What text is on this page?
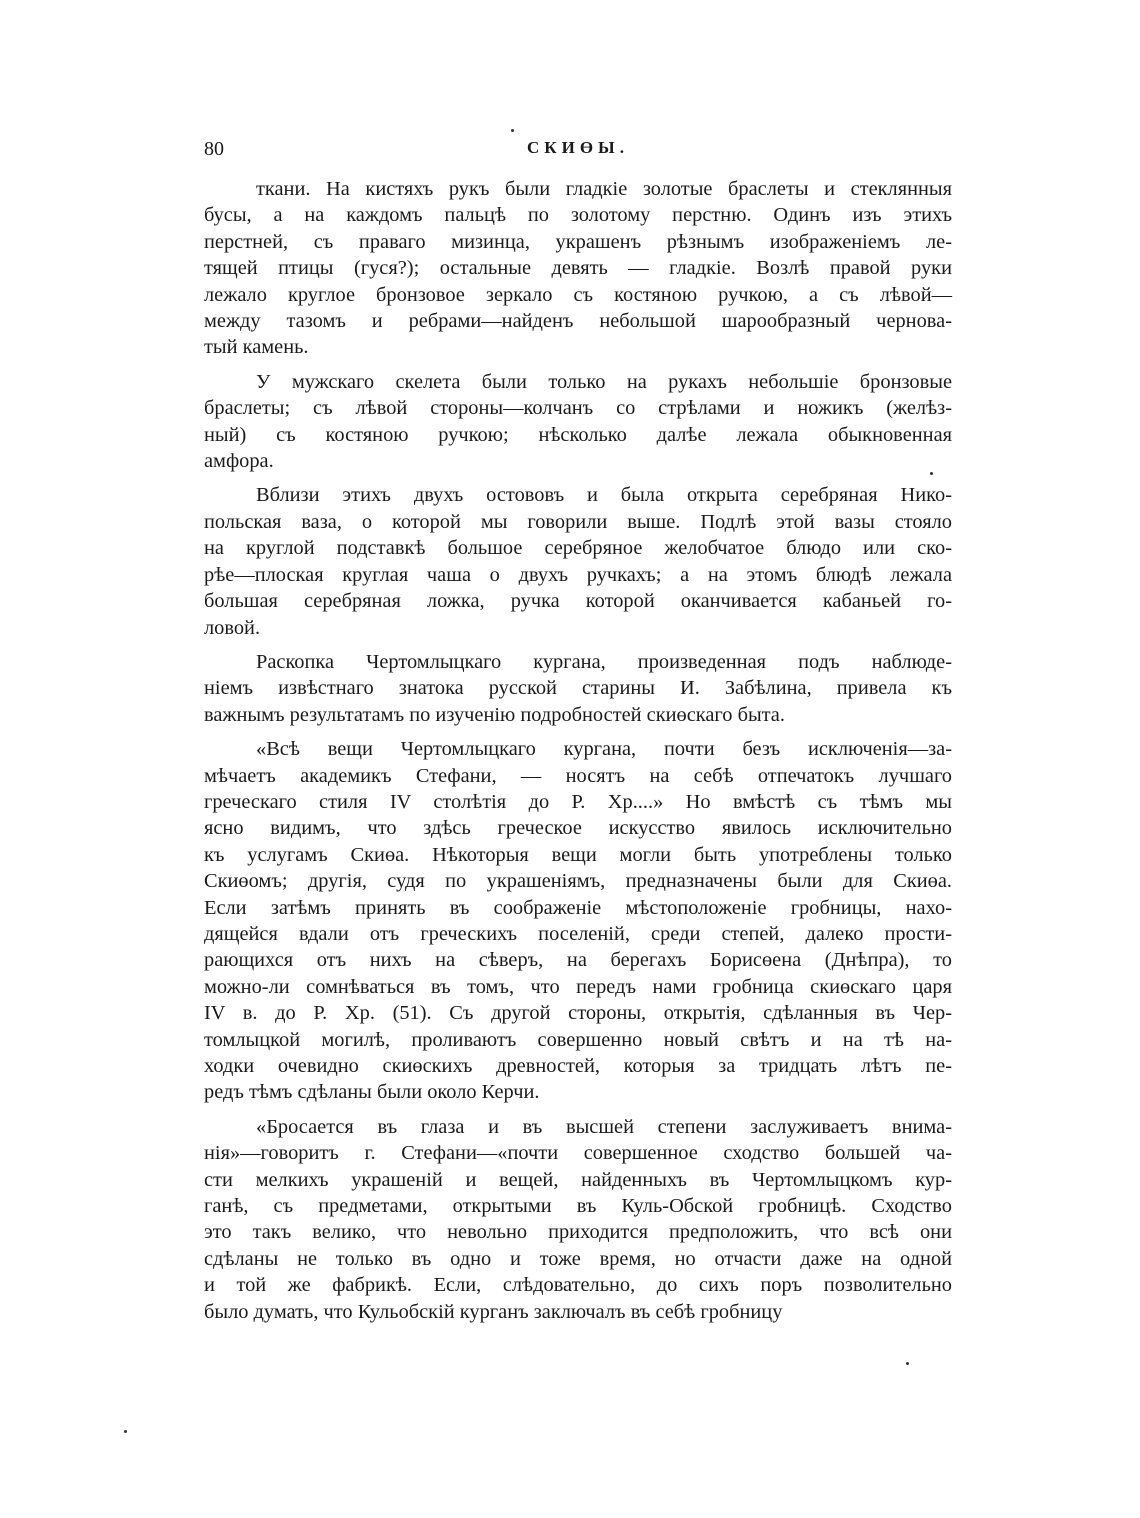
80	СКИӨЫ.
ткани. На кистяхъ рукъ были гладкіе золотые браслеты и стеклянныя
бусы, а на каждомъ пальцѣ по золотому перстню. Одинъ изъ этихъ
перстней, съ праваго мизинца, украшенъ рѣзнымъ изображеніемъ ле-
тящей птицы (гуся?); остальные девять — гладкіе. Возлѣ правой руки
лежало круглое бронзовое зеркало съ костяною ручкою, а съ лѣвой—
между тазомъ и ребрами—найденъ небольшой шарообразный чернова-
тый камень.
У мужскаго скелета были только на рукахъ небольшіе бронзовые
браслеты; съ лѣвой стороны—колчанъ со стрѣлами и ножикъ (желѣз-
ный) съ костяною ручкою; нѣсколько далѣе лежала обыкновенная
амфора.
Вблизи этихъ двухъ остововъ и была открыта серебряная Нико-
польская ваза, о которой мы говорили выше. Подлѣ этой вазы стояло
на круглой подставкѣ большое серебряное желобчатое блюдо или ско-
рѣе—плоская круглая чаша о двухъ ручкахъ; а на этомъ блюдѣ лежала
большая серебряная ложка, ручка которой оканчивается кабаньей го-
ловой.
Раскопка Чертомлыцкаго кургана, произведенная подъ наблюде-
ніемъ извѣстнаго знатока русской старины И. Забѣлина, привела къ
важнымъ результатамъ по изученію подробностей скиөскаго быта.
«Всѣ вещи Чертомлыцкаго кургана, почти безъ исключенія—за-
мѣчаетъ академикъ Стефани, — носятъ на себѣ отпечатокъ лучшаго
греческаго стиля IV столѣтія до Р. Хр....» Но вмѣстѣ съ тѣмъ мы
ясно видимъ, что здѣсь греческое искусство явилось исключительно
къ услугамъ Скиөа. Нѣкоторыя вещи могли быть употреблены только
Скиөомъ; другія, судя по украшеніямъ, предназначены были для Скиөа.
Если затѣмъ принять въ соображеніе мѣстоположеніе гробницы, нахо-
дящейся вдали отъ греческихъ поселеній, среди степей, далеко прости-
рающихся отъ нихъ на сѣверъ, на берегахъ Борисөена (Днѣпра), то
можно-ли сомнѣваться въ томъ, что передъ нами гробница скиөскаго царя
IV в. до Р. Хр. (51). Съ другой стороны, открытія, сдѣланныя въ Чер-
томлыцкой могилѣ, проливаютъ совершенно новый свѣтъ и на тѣ на-
ходки очевидно скиөскихъ древностей, которыя за тридцать лѣтъ пе-
редъ тѣмъ сдѣланы были около Керчи.
«Бросается въ глаза и въ высшей степени заслуживаетъ внима-
нія»—говоритъ г. Стефани—«почти совершенное сходство большей ча-
сти мелкихъ украшеній и вещей, найденныхъ въ Чертомлыцкомъ кур-
ганѣ, съ предметами, открытыми въ Куль-Обской гробницѣ. Сходство
это такъ велико, что невольно приходится предположить, что всѣ они
сдѣланы не только въ одно и тоже время, но отчасти даже на одной
и той же фабрикѣ. Если, слѣдовательно, до сихъ поръ позволительно
было думать, что Кульобскій курганъ заключалъ въ себѣ гробницу
